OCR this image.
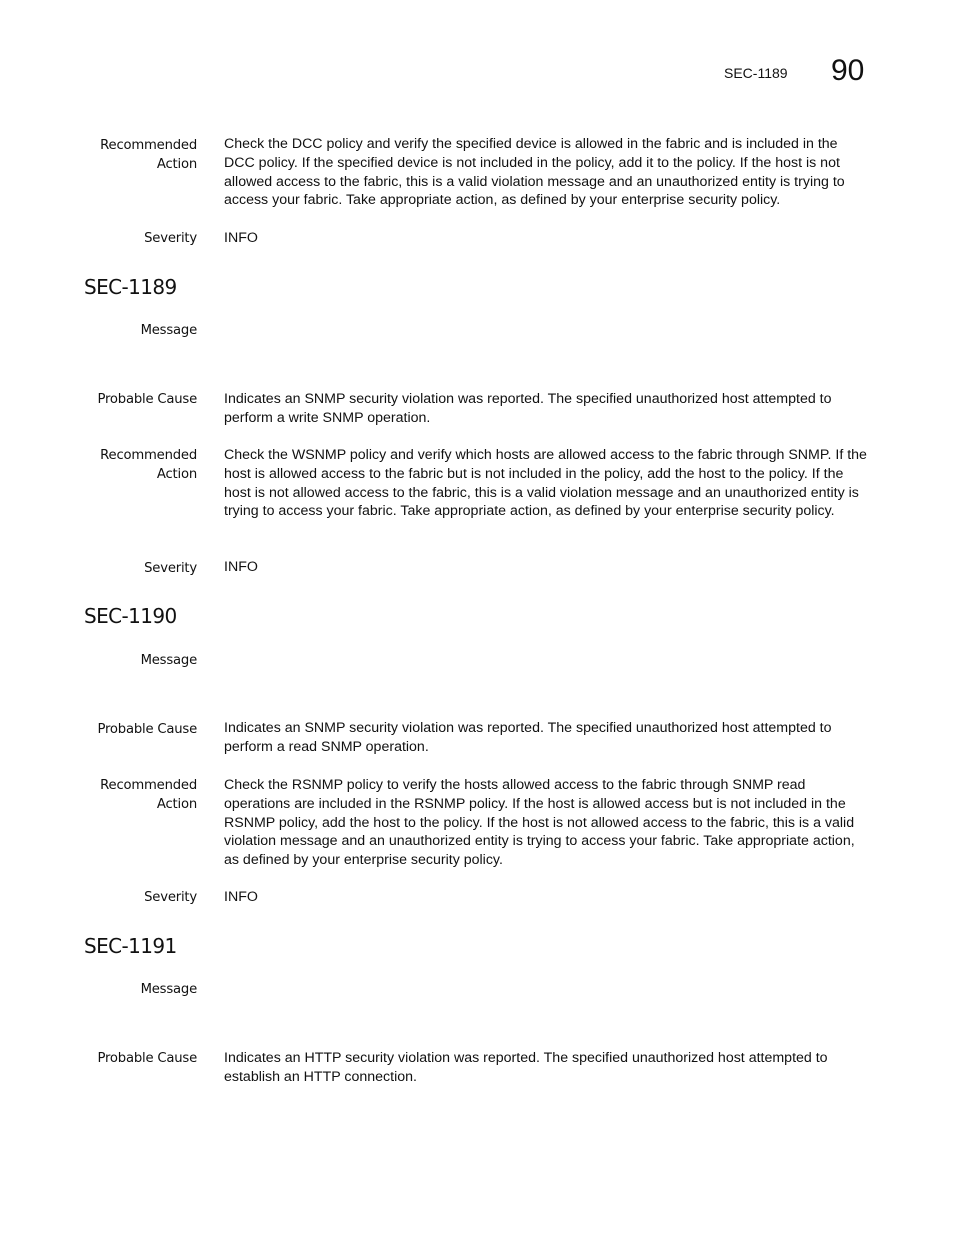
SEC-1189 90
Recommended Action
Check the DCC policy and verify the specified device is allowed in the fabric and is included in the DCC policy. If the specified device is not included in the policy, add it to the policy. If the host is not allowed access to the fabric, this is a valid violation message and an unauthorized entity is trying to access your fabric. Take appropriate action, as defined by your enterprise security policy.
Severity INFO
SEC-1189
Message
Probable Cause Indicates an SNMP security violation was reported. The specified unauthorized host attempted to perform a write SNMP operation.
Recommended Action
Check the WSNMP policy and verify which hosts are allowed access to the fabric through SNMP. If the host is allowed access to the fabric but is not included in the policy, add the host to the policy. If the host is not allowed access to the fabric, this is a valid violation message and an unauthorized entity is trying to access your fabric. Take appropriate action, as defined by your enterprise security policy.
Severity INFO
SEC-1190
Message
Probable Cause Indicates an SNMP security violation was reported. The specified unauthorized host attempted to perform a read SNMP operation.
Recommended Action
Check the RSNMP policy to verify the hosts allowed access to the fabric through SNMP read operations are included in the RSNMP policy. If the host is allowed access but is not included in the RSNMP policy, add the host to the policy. If the host is not allowed access to the fabric, this is a valid violation message and an unauthorized entity is trying to access your fabric. Take appropriate action, as defined by your enterprise security policy.
Severity INFO
SEC-1191
Message
Probable Cause Indicates an HTTP security violation was reported. The specified unauthorized host attempted to establish an HTTP connection.
